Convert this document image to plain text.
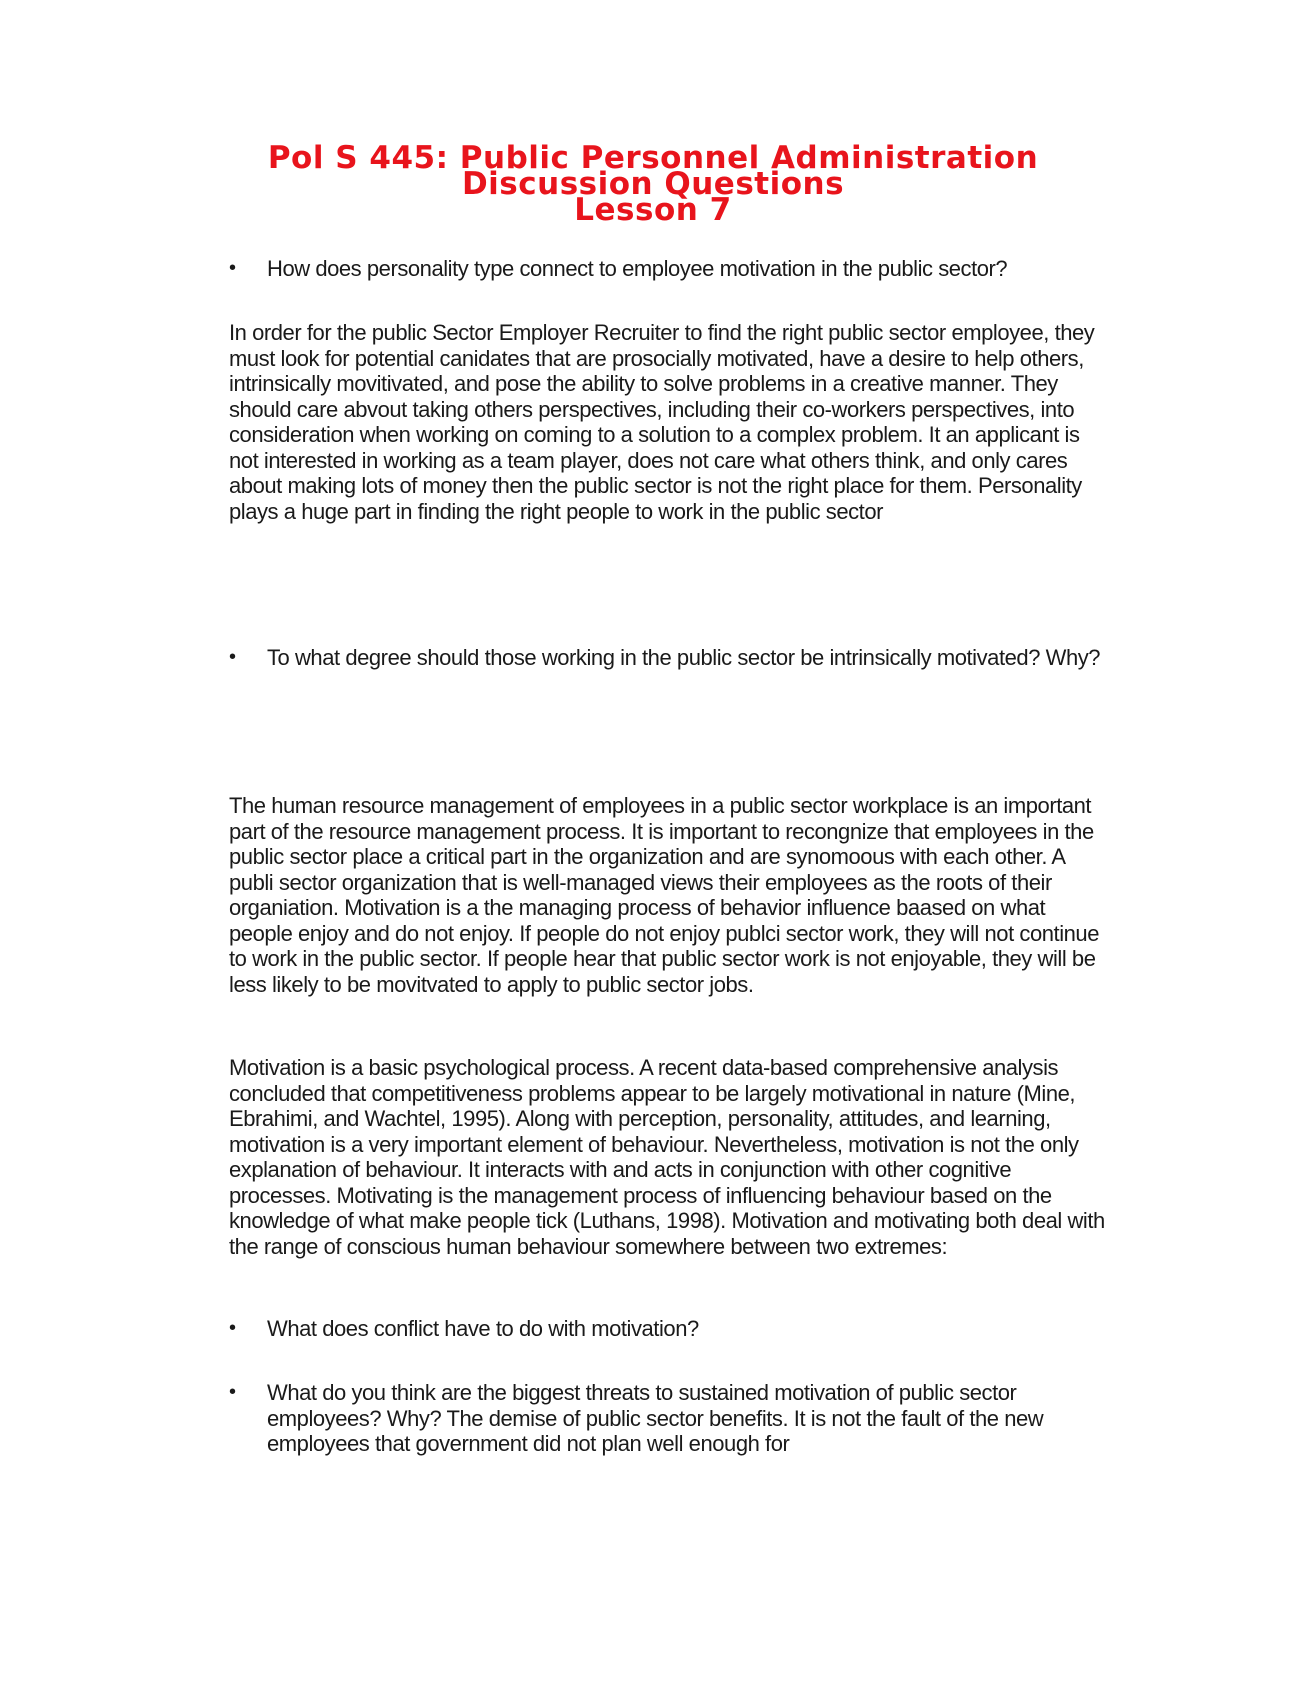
Pol S 445: Public Personnel Administration
Discussion Questions
Lesson 7
• How does personality type connect to employee motivation in the public sector?

In order for the public Sector Employer Recruiter to find the right public sector employee, they must look for potential canidates that are prosocially motivated, have a desire to help others, intrinsically movitivated, and pose the ability to solve problems in a creative manner. They should care abvout taking others perspectives, including their co-workers perspectives, into consideration when working on coming to a solution to a complex problem. It an applicant is not interested in working as a team player, does not care what others think, and only cares about making lots of money then the public sector is not the right place for them. Personality plays a huge part in finding the right people to work in the public sector

• To what degree should those working in the public sector be intrinsically motivated? Why?

The human resource management of employees in a public sector workplace is an important part of the resource management process. It is important to recongnize that employees in the public sector place a critical part in the organization and are synomoous with each other. A publi sector organization that is well-managed views their employees as the roots of their organiation. Motivation is a the managing process of behavior influence baased on what people enjoy and do not enjoy. If people do not enjoy publci sector work, they will not continue to work in the public sector. If people hear that public sector work is not enjoyable, they will be less likely to be movitvated to apply to public sector jobs.

Motivation is a basic psychological process. A recent data-based comprehensive analysis concluded that competitiveness problems appear to be largely motivational in nature (Mine, Ebrahimi, and Wachtel, 1995). Along with perception, personality, attitudes, and learning, motivation is a very important element of behaviour. Nevertheless, motivation is not the only explanation of behaviour. It interacts with and acts in conjunction with other cognitive processes. Motivating is the management process of influencing behaviour based on the knowledge of what make people tick (Luthans, 1998). Motivation and motivating both deal with the range of conscious human behaviour somewhere between two extremes:

• What does conflict have to do with motivation?
• What do you think are the biggest threats to sustained motivation of public sector employees? Why? The demise of public sector benefits. It is not the fault of the new employees that government did not plan well enough for
